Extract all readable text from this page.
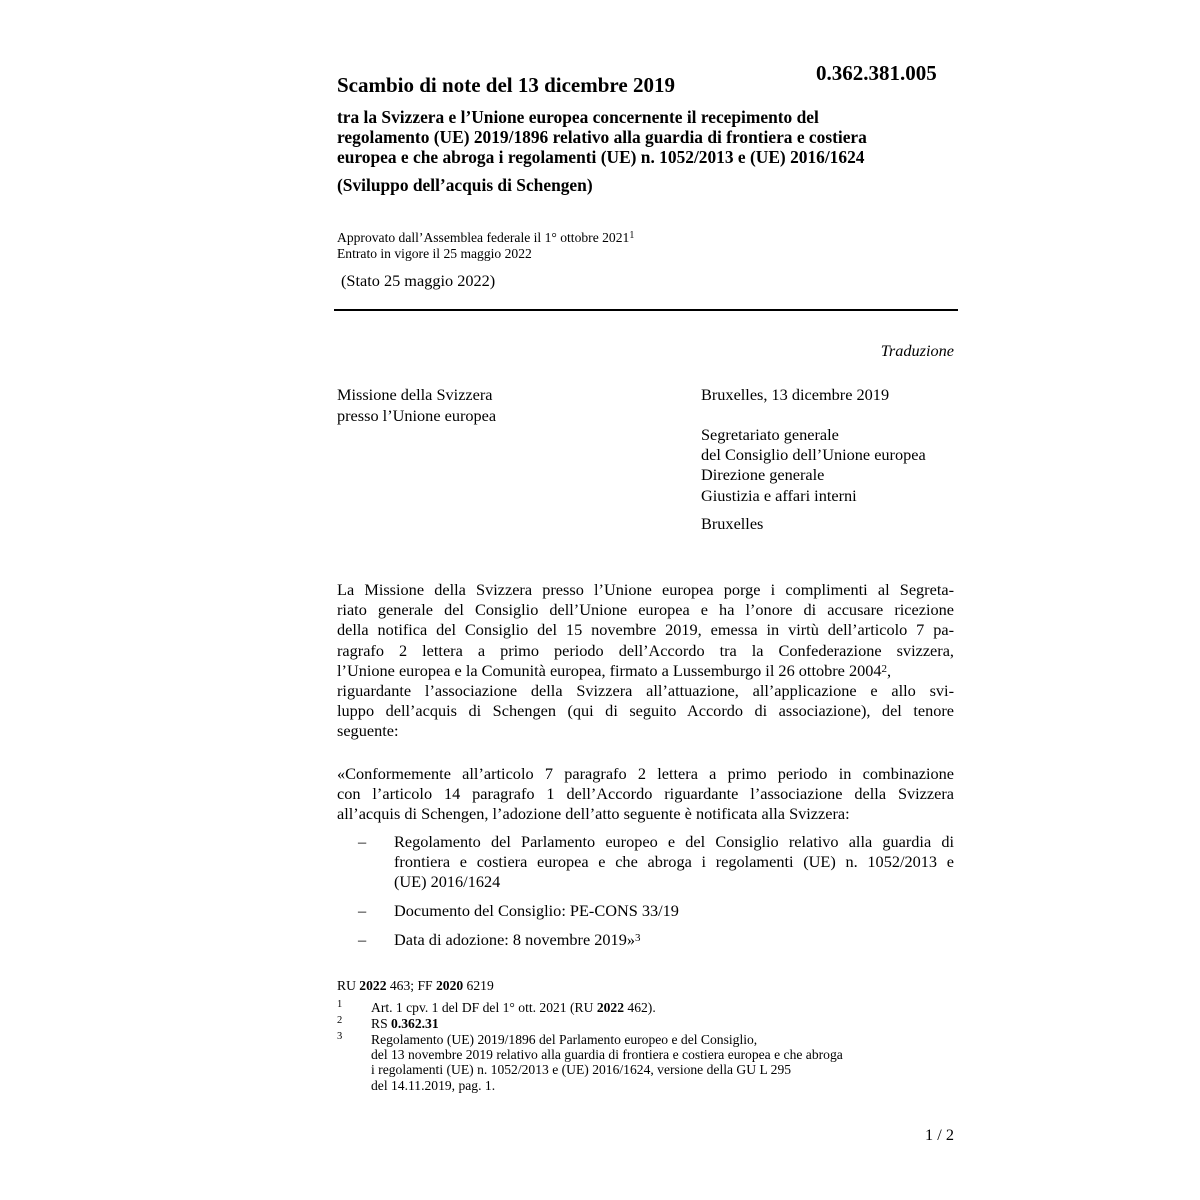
Scambio di note del 13 dicembre 2019	0.362.381.005
tra la Svizzera e l’Unione europea concernente il recepimento del
regolamento (UE) 2019/1896 relativo alla guardia di frontiera e costiera
europea e che abroga i regolamenti (UE) n. 1052/2013 e (UE) 2016/1624
(Sviluppo dell’acquis di Schengen)
Approvato dall’Assemblea federale il 1° ottobre 2021$^1$
Entrato in vigore il 25 maggio 2022
(Stato 25 maggio 2022)
Traduzione
Missione della Svizzera
presso l’Unione europea
Bruxelles, 13 dicembre 2019
Segretariato generale
del Consiglio dell’Unione europea
Direzione generale
Giustizia e affari interni
Bruxelles
La Missione della Svizzera presso l’Unione europea porge i complimenti al Segreta-
riato generale del Consiglio dell’Unione europea e ha l’onore di accusare ricezione
della notifica del Consiglio del 15 novembre 2019, emessa in virtù dell’articolo 7 pa-
ragrafo 2 lettera a primo periodo dell’Accordo tra la Confederazione svizzera,
l’Unione europea e la Comunità europea, firmato a Lussemburgo il 26 ottobre 2004$^2$,
riguardante l’associazione della Svizzera all’attuazione, all’applicazione e allo svi-
luppo dell’acquis di Schengen (qui di seguito Accordo di associazione), del tenore
seguente:
«Conformemente all’articolo 7 paragrafo 2 lettera a primo periodo in combinazione
con l’articolo 14 paragrafo 1 dell’Accordo riguardante l’associazione della Svizzera
all’acquis di Schengen, l’adozione dell’atto seguente è notificata alla Svizzera:
– Regolamento del Parlamento europeo e del Consiglio relativo alla guardia di
frontiera e costiera europea e che abroga i regolamenti (UE) n. 1052/2013 e
(UE) 2016/1624
– Documento del Consiglio: PE-CONS 33/19
– Data di adozione: 8 novembre 2019»$^3$
RU 2022 463; FF 2020 6219
1 Art. 1 cpv. 1 del DF del 1° ott. 2021 (RU 2022 462).
2 RS 0.362.31
3 Regolamento (UE) 2019/1896 del Parlamento europeo e del Consiglio,
del 13 novembre 2019 relativo alla guardia di frontiera e costiera europea e che abroga
i regolamenti (UE) n. 1052/2013 e (UE) 2016/1624, versione della GU L 295
del 14.11.2019, pag. 1.
1 / 2
